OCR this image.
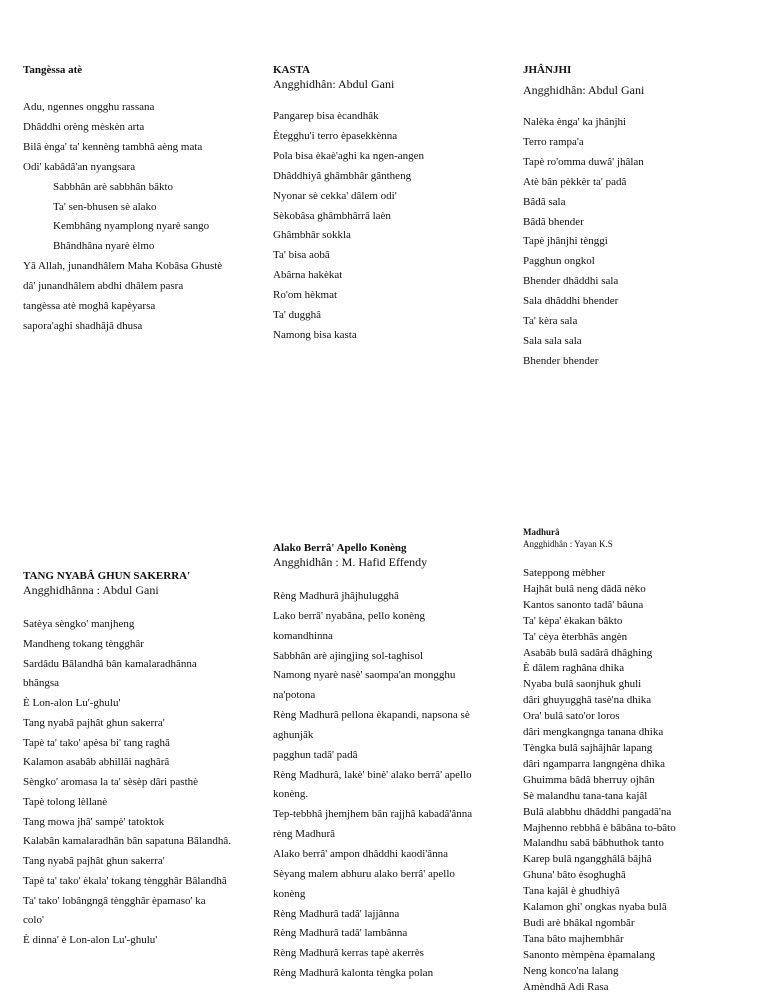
Tangèssa atè
Adu, ngennes ongghu rassana
Dhâddhi orèng mèskèn arta
Bilâ ènga' ta' kennèng tambhâ aèng mata
Odi' kabâdâ'an nyangsara
Sabbhân arè sabbhân bâkto
Ta' sen-bhusen sè alako
Kembhâng nyamplong nyarè sango
Bhândhâna nyarè èlmo
Yâ Allah, junandhâlem Maha Kobâsa Ghustè
dâ' junandhâlem abdhi dhâlem pasra
tangèssa atè moghâ kapèyarsa
sapora'aghi shadhâjâ dhusa
KASTA
Angghidhân: Abdul Gani
Pangarep bisa ècandhâk
Ètegghu'i terro èpasekkènna
Pola bisa èkaè'aghi ka ngen-angen
Dhâddhiyâ ghâmbhâr gântheng
Nyonar sè cekka' dâlem odi'
Sèkobâsa ghâmbhârrâ laèn
Ghâmbhâr sokkla
Ta' bisa aobâ
Abârna hakèkat
Ro'om hèkmat
Ta' dugghâ
Namong bisa kasta
JHÂNJHI
Angghidhân: Abdul Gani
Nalèka ènga' ka jhânjhi
Terro rampa'a
Tapè ro'omma duwâ' jhâlan
Atè bân pèkkèr ta' padâ
Bâdâ sala
Bâdâ bhender
Tapè jhânjhi tènggi
Pagghun ongkol
Bhender dhâddhi sala
Sala dhâddhi bhender
Ta' kèra sala
Sala sala sala
Bhender bhender
TANG NYABÂ GHUN SAKERRA'
Angghidhânna : Abdul Gani
Satèya sèngko' manjheng
Mandheng tokang tèngghâr
Sardâdu Bâlandhâ bân kamalaradhânna
bhângsa
È Lon-alon Lu'-ghulu'
Tang nyabâ pajhât ghun sakerra'
Tapè ta' tako' apèsa bi' tang raghâ
Kalamon asabâb abhillâi naghârâ
Sèngko' aromasa la ta' sèsèp dâri pasthè
Tapè tolong lèllanè
Tang mowa jhâ' sampè' tatoktok
Kalabân kamalaradhân bân sapatuna Bâlandhâ.
Tang nyabâ pajhât ghun sakerra'
Tapè ta' tako' èkala' tokang tèngghâr Bâlandhâ
Ta' tako' lobângngâ tèngghâr èpamaso' ka
colo'
È dinna' è Lon-alon Lu'-ghulu'
Alako Berrâ' Apello Konèng
Angghidhân : M. Hafid Effendy
Rèng Madhurâ jhâjhulugghâ
Lako berrâ' nyabâna, pello konèng
komandhinna
Sabbhân arè ajingjing sol-taghisol
Namong nyarè nasè' saompa'an mongghu
na'potona
Rèng Madhurâ pellona èkapandi, napsona sè
aghunjâk
pagghun tadâ' padâ
Rèng Madhurâ, lakè' binè' alako berrâ' apello
konèng.
Tep-tebbhâ jhemjhem bân rajjhâ kabadâ'ânna
rèng Madhurâ
Alako berrâ' ampon dhâddhi kaodi'ânna
Sèyang malem abhuru alako berrâ' apello
konèng
Rèng Madhurâ tadâ' lajjânna
Rèng Madhurâ tadâ' lambânna
Rèng Madhurâ kerras tapè akerrès
Rèng Madhurâ kalonta tèngka polan
Madhurâ
Angghidhân : Yayan K.S
Sateppong mèbher
Hajhât bulâ neng dâdâ nèko
Kantos sanonto tadâ' bâuna
Ta' kèpa' èkakan bâkto
Ta' cèya èterbhâs angèn
Asabâb bulâ sadârâ dhâghing
È dâlem raghâna dhika
Nyaba bulâ saonjhuk ghuli
dâri ghuyugghâ tasè'na dhika
Ora' bulâ sato'or loros
dâri mengkangnga tanana dhika
Tèngka bulâ sajhâjhâr lapang
dâri ngamparra langngèna dhika
Ghuimma bâdâ bherruy ojhân
Sè malandhu tana-tana kajâl
Bulâ alabbhu dhâddhi pangadâ'na
Majhenno rebbhâ è bâbâna to-bâto
Malandhu sabâ bâbhuthok tanto
Karep bulâ ngangghâlâ bâjhâ
Ghuna' bâto èsoghughâ
Tana kajâl è ghudhiyâ
Kalamon ghi' ongkas nyaba bulâ
Budi arè bhâkal ngombâr
Tana bâto majhembhâr
Sanonto mèmpèna èpamalang
Neng konco'na lalang
Amèndhâ Adi Rasa
